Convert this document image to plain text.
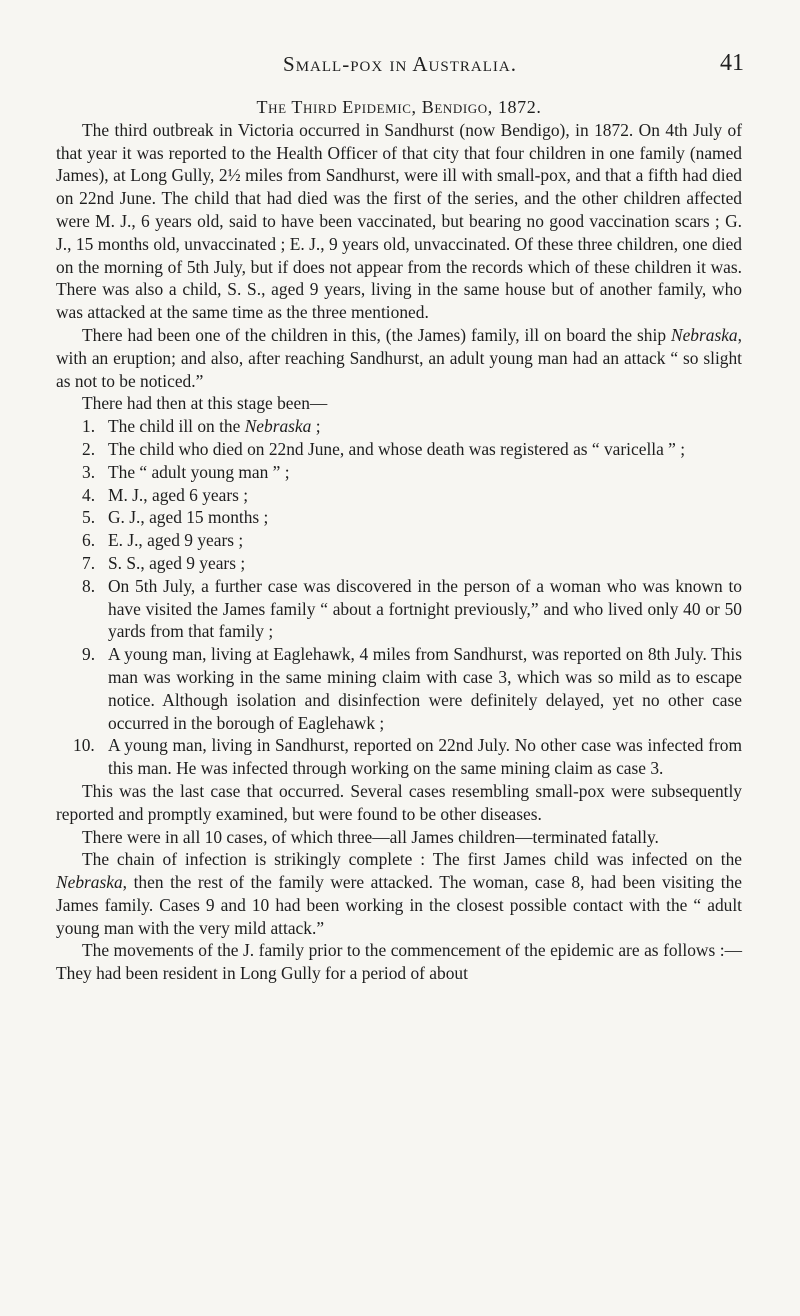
Small-pox in Australia.	41
The Third Epidemic, Bendigo, 1872.

The third outbreak in Victoria occurred in Sandhurst (now Bendigo), in 1872. On 4th July of that year it was reported to the Health Officer of that city that four children in one family (named James), at Long Gully, 2½ miles from Sandhurst, were ill with small-pox, and that a fifth had died on 22nd June. The child that had died was the first of the series, and the other children affected were M. J., 6 years old, said to have been vaccinated, but bearing no good vaccination scars ; G. J., 15 months old, unvaccinated ; E. J., 9 years old, unvaccinated. Of these three children, one died on the morning of 5th July, but if does not appear from the records which of these children it was. There was also a child, S. S., aged 9 years, living in the same house but of another family, who was attacked at the same time as the three mentioned.

There had been one of the children in this, (the James) family, ill on board the ship Nebraska, with an eruption; and also, after reaching Sandhurst, an adult young man had an attack “ so slight as not to be noticed.”

There had then at this stage been—

1. The child ill on the Nebraska ;
2. The child who died on 22nd June, and whose death was registered as “ varicella ” ;
3. The “ adult young man ” ;
4. M. J., aged 6 years ;
5. G. J., aged 15 months ;
6. E. J., aged 9 years ;
7. S. S., aged 9 years ;
8. On 5th July, a further case was discovered in the person of a woman who was known to have visited the James family “ about a fortnight previously,” and who lived only 40 or 50 yards from that family ;
9. A young man, living at Eaglehawk, 4 miles from Sandhurst, was reported on 8th July. This man was working in the same mining claim with case 3, which was so mild as to escape notice. Although isolation and disinfection were definitely delayed, yet no other case occurred in the borough of Eaglehawk ;
10. A young man, living in Sandhurst, reported on 22nd July. No other case was infected from this man. He was infected through working on the same mining claim as case 3.

This was the last case that occurred. Several cases resembling small-pox were subsequently reported and promptly examined, but were found to be other diseases.

There were in all 10 cases, of which three—all James children—terminated fatally.

The chain of infection is strikingly complete : The first James child was infected on the Nebraska, then the rest of the family were attacked. The woman, case 8, had been visiting the James family. Cases 9 and 10 had been working in the closest possible contact with the “ adult young man with the very mild attack.”

The movements of the J. family prior to the commencement of the epidemic are as follows :—They had been resident in Long Gully for a period of about
